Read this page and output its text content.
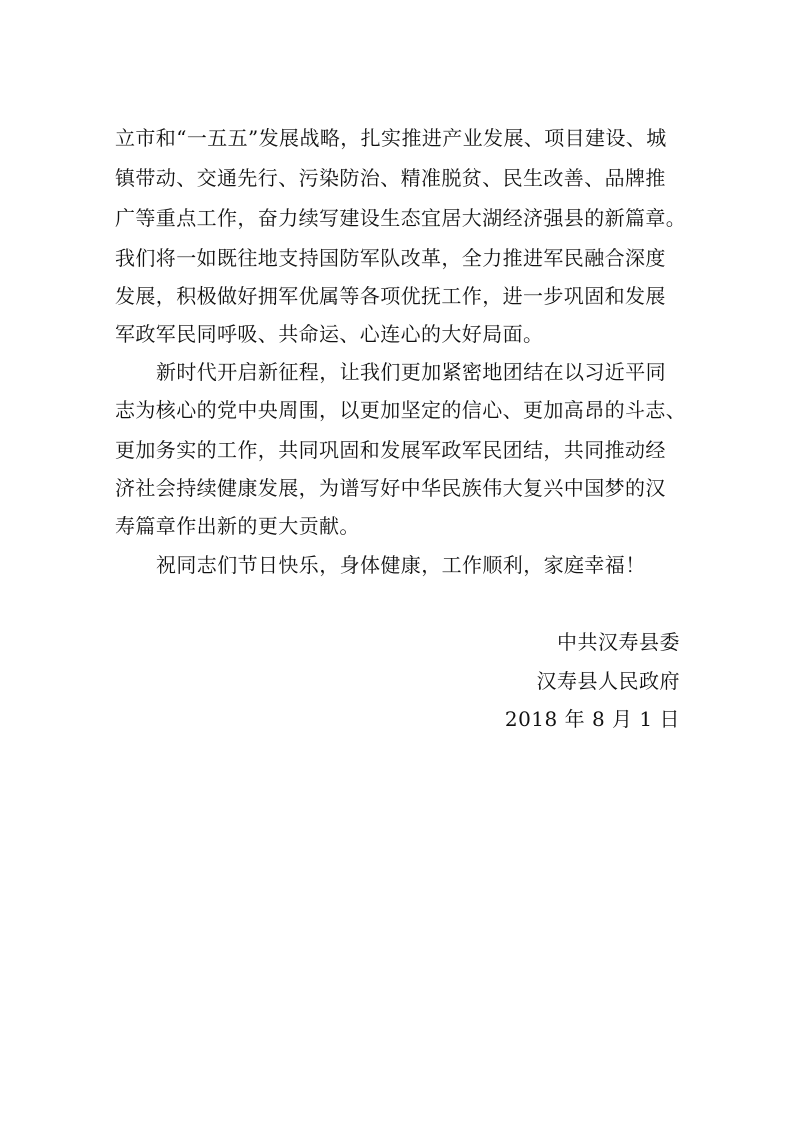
立市和“一五五”发展战略，扎实推进产业发展、项目建设、城
镇带动、交通先行、污染防治、精准脱贫、民生改善、品牌推
广等重点工作，奋力续写建设生态宜居大湖经济强县的新篇章。
我们将一如既往地支持国防军队改革，全力推进军民融合深度
发展，积极做好拥军优属等各项优抚工作，进一步巩固和发展
军政军民同呼吸、共命运、心连心的大好局面。
新时代开启新征程，让我们更加紧密地团结在以习近平同
志为核心的党中央周围，以更加坚定的信心、更加高昂的斗志、
更加务实的工作，共同巩固和发展军政军民团结，共同推动经
济社会持续健康发展，为谱写好中华民族伟大复兴中国梦的汉
寿篇章作出新的更大贡献。
祝同志们节日快乐，身体健康，工作顺利，家庭幸福！
中共汉寿县委
汉寿县人民政府
2018 年 8 月 1 日
